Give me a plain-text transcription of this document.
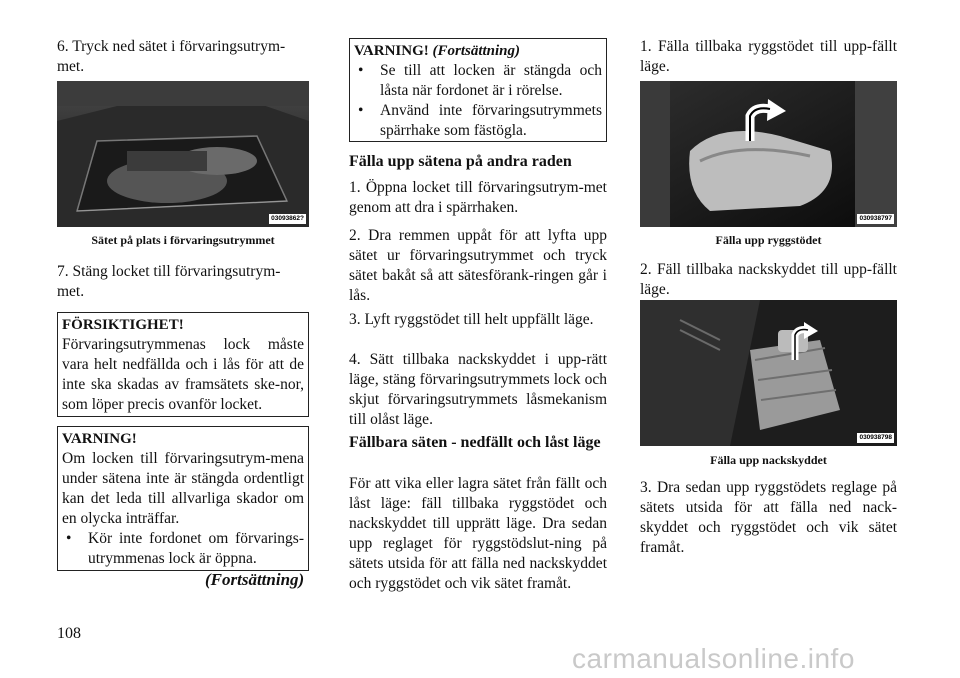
6. Tryck ned sätet i förvaringsutrym-
met.

03093862?
Sätet på plats i förvaringsutrymmet

7. Stäng locket till förvaringsutrym-
met.

FÖRSIKTIGHET!
Förvaringsutrymmenas lock måste vara helt nedfällda och i lås för att de inte ska skadas av framsätets ske-nor, som löper precis ovanför locket.
VARNING!
Om locken till förvaringsutrym-mena under sätena inte är stängda ordentligt kan det leda till allvarliga skador om en olycka inträffar.
• Kör inte fordonet om förvarings-utrymmenas lock är öppna.
(Fortsättning)
108
VARNING! (Fortsättning)
• Se till att locken är stängda och låsta när fordonet är i rörelse.
• Använd inte förvaringsutrymmets spärrhake som fästögla.
Fälla upp sätena på andra raden

1. Öppna locket till förvaringsutrym-met genom att dra i spärrhaken.

2. Dra remmen uppåt för att lyfta upp sätet ur förvaringsutrymmet och tryck sätet bakåt så att sätesförank-ringen går i lås.

3. Lyft ryggstödet till helt uppfällt läge.

4. Sätt tillbaka nackskyddet i upp-rätt läge, stäng förvaringsutrymmets lock och skjut förvaringsutrymmets låsmekanism till olåst läge.

Fällbara säten - nedfällt och låst läge

För att vika eller lagra sätet från fällt och låst läge: fäll tillbaka ryggstödet och nackskyddet till upprätt läge. Dra sedan upp reglaget för ryggstödslut-ning på sätets utsida för att fälla ned nackskyddet och ryggstödet och vik sätet framåt.

1. Fälla tillbaka ryggstödet till upp-fällt läge.

030938797
Fälla upp ryggstödet

2. Fäll tillbaka nackskyddet till upp-fällt läge.

030938798
Fälla upp nackskyddet

3. Dra sedan upp ryggstödets reglage på sätets utsida för att fälla ned nack-skyddet och ryggstödet och vik sätet framåt.

carmanualsonline.info
